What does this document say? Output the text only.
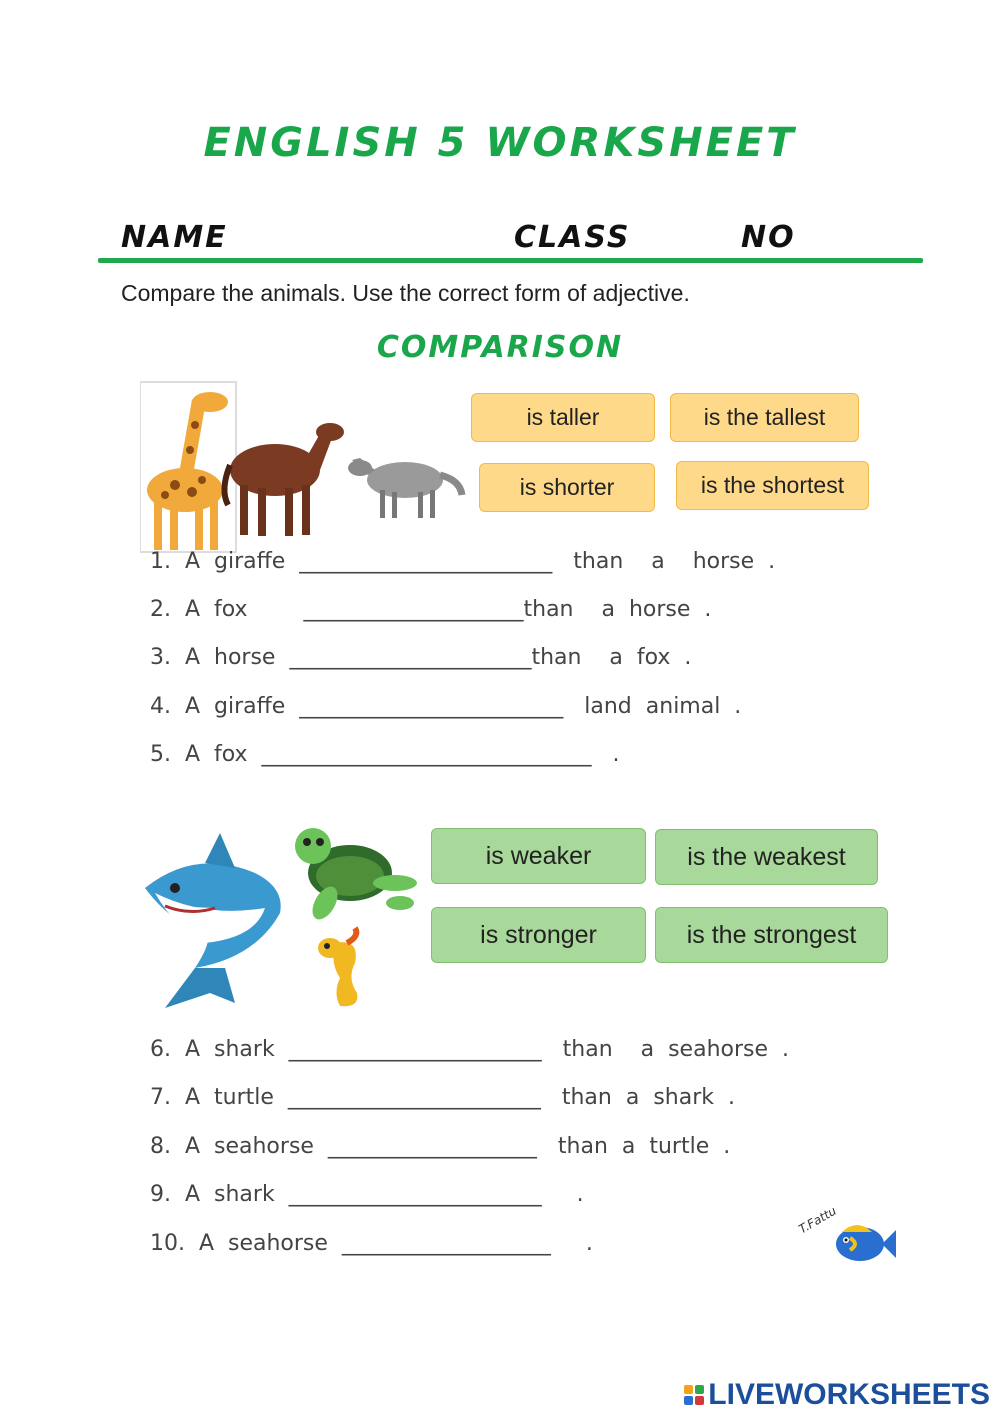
ENGLISH 5 WORKSHEET
NAME	CLASS	NO
Compare the animals. Use the correct form of adjective.
COMPARISON
is taller	is the tallest
is shorter	is the shortest
1.  A  giraffe  _______________________   than    a    horse  .
2.  A  fox        ____________________than    a  horse  .
3.  A  horse  ______________________than    a  fox  .
4.  A  giraffe  ________________________   land  animal  .
5.  A  fox  ______________________________   .
is weaker	is the weakest
is stronger	is the strongest
6.  A  shark  _______________________   than    a  seahorse  .
7.  A  turtle  _______________________   than  a  shark  .
8.  A  seahorse  ___________________   than  a  turtle  .
9.  A  shark  _______________________     .
10.  A  seahorse  ___________________     .
T.Fattu
LIVEWORKSHEETS
